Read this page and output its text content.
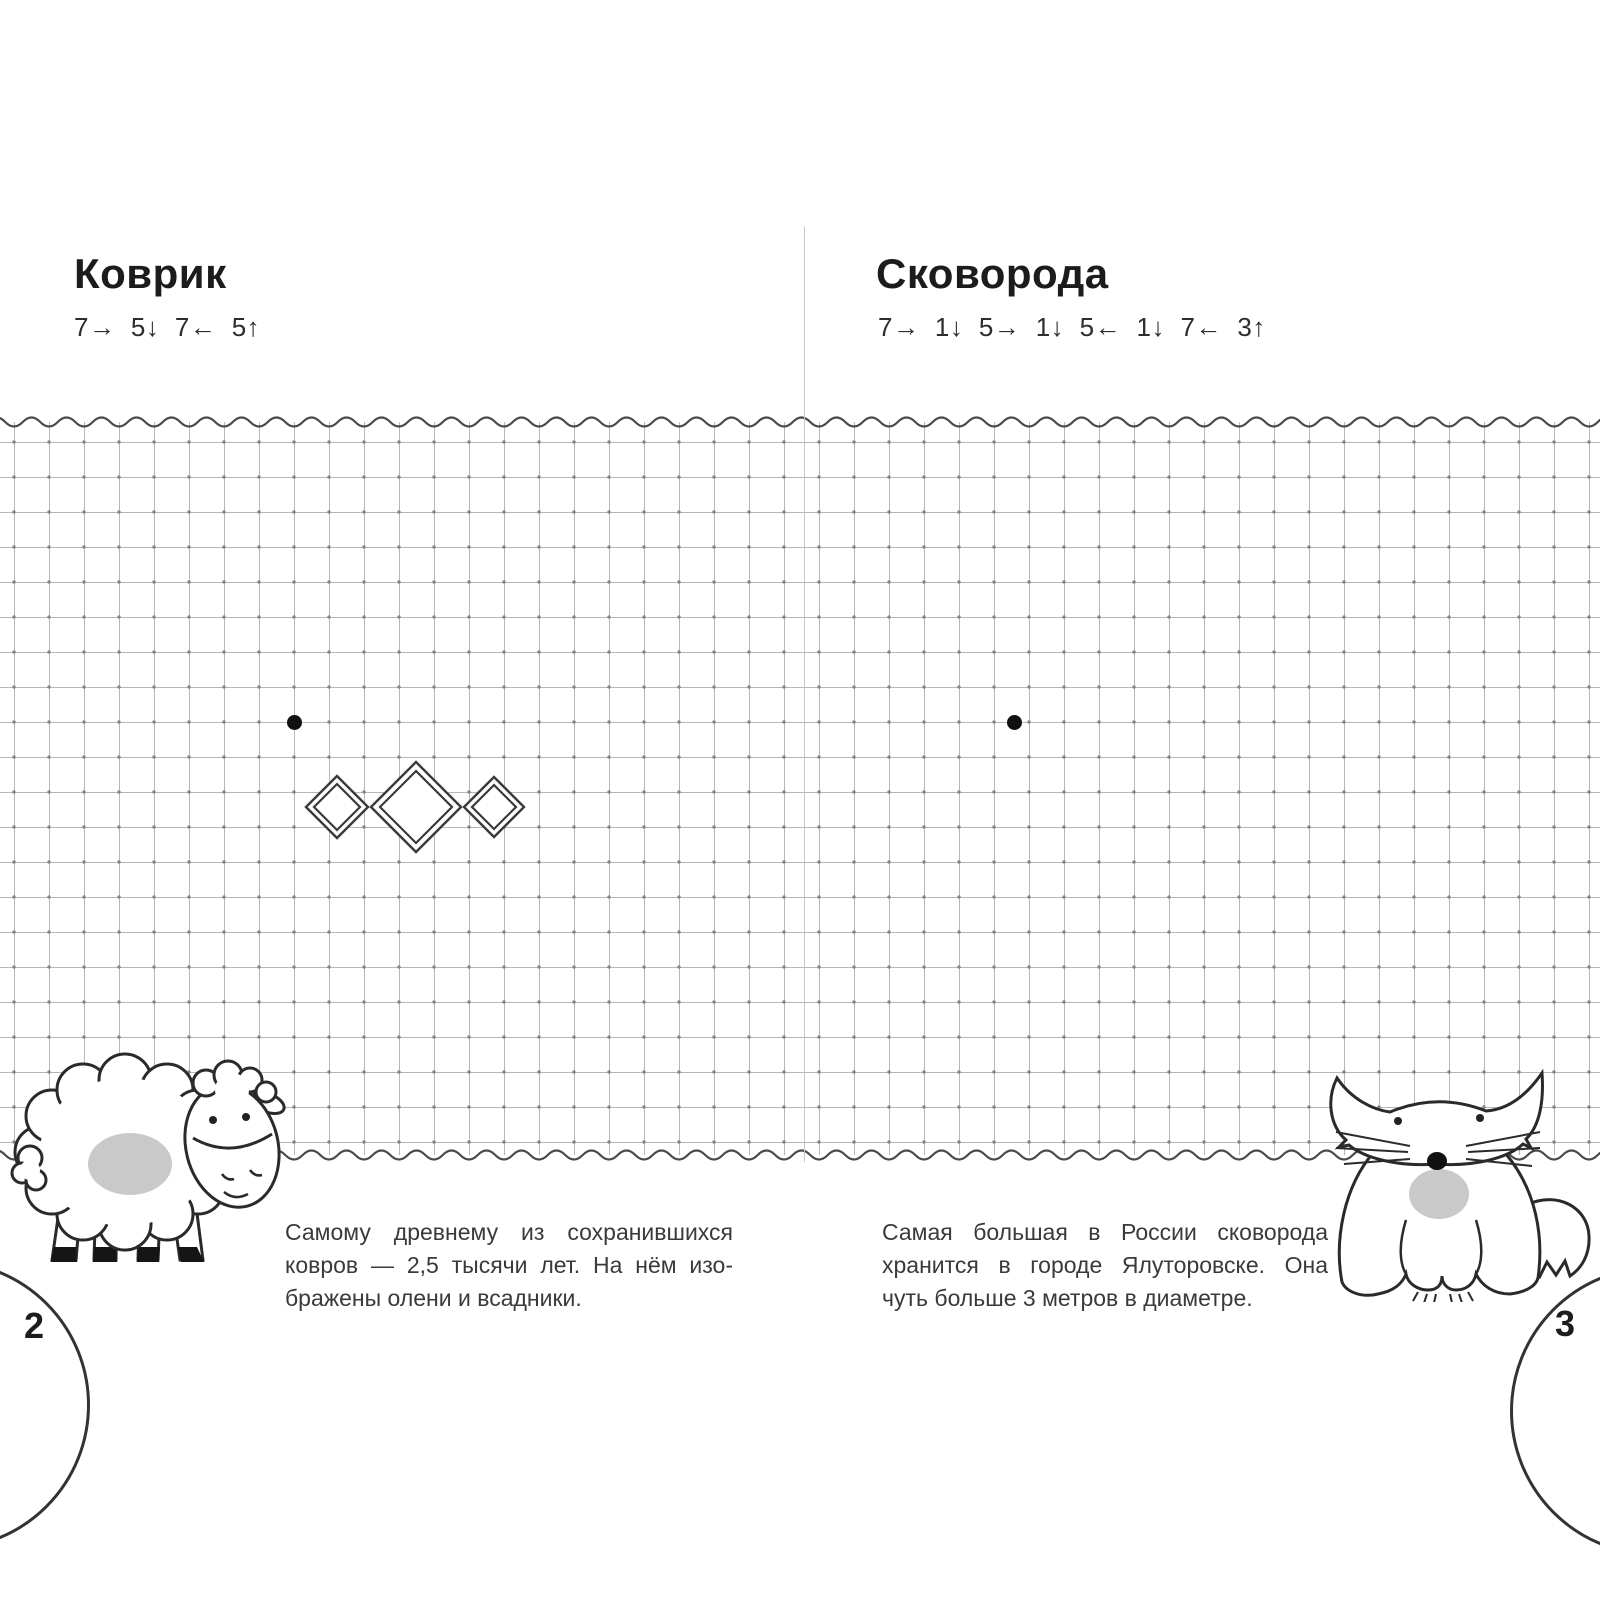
Коврик	Сковорода
7→  5↓  7←  5↑	7→  1↓  5→  1↓  5←  1↓  7←  3↑
Самому древнему из сохранившихся
ковров — 2,5 тысячи лет. На нём изо-
бражены олени и всадники.
Самая большая в России сковорода
хранится в городе Ялуторовске. Она
чуть больше 3 метров в диаметре.
2	3
